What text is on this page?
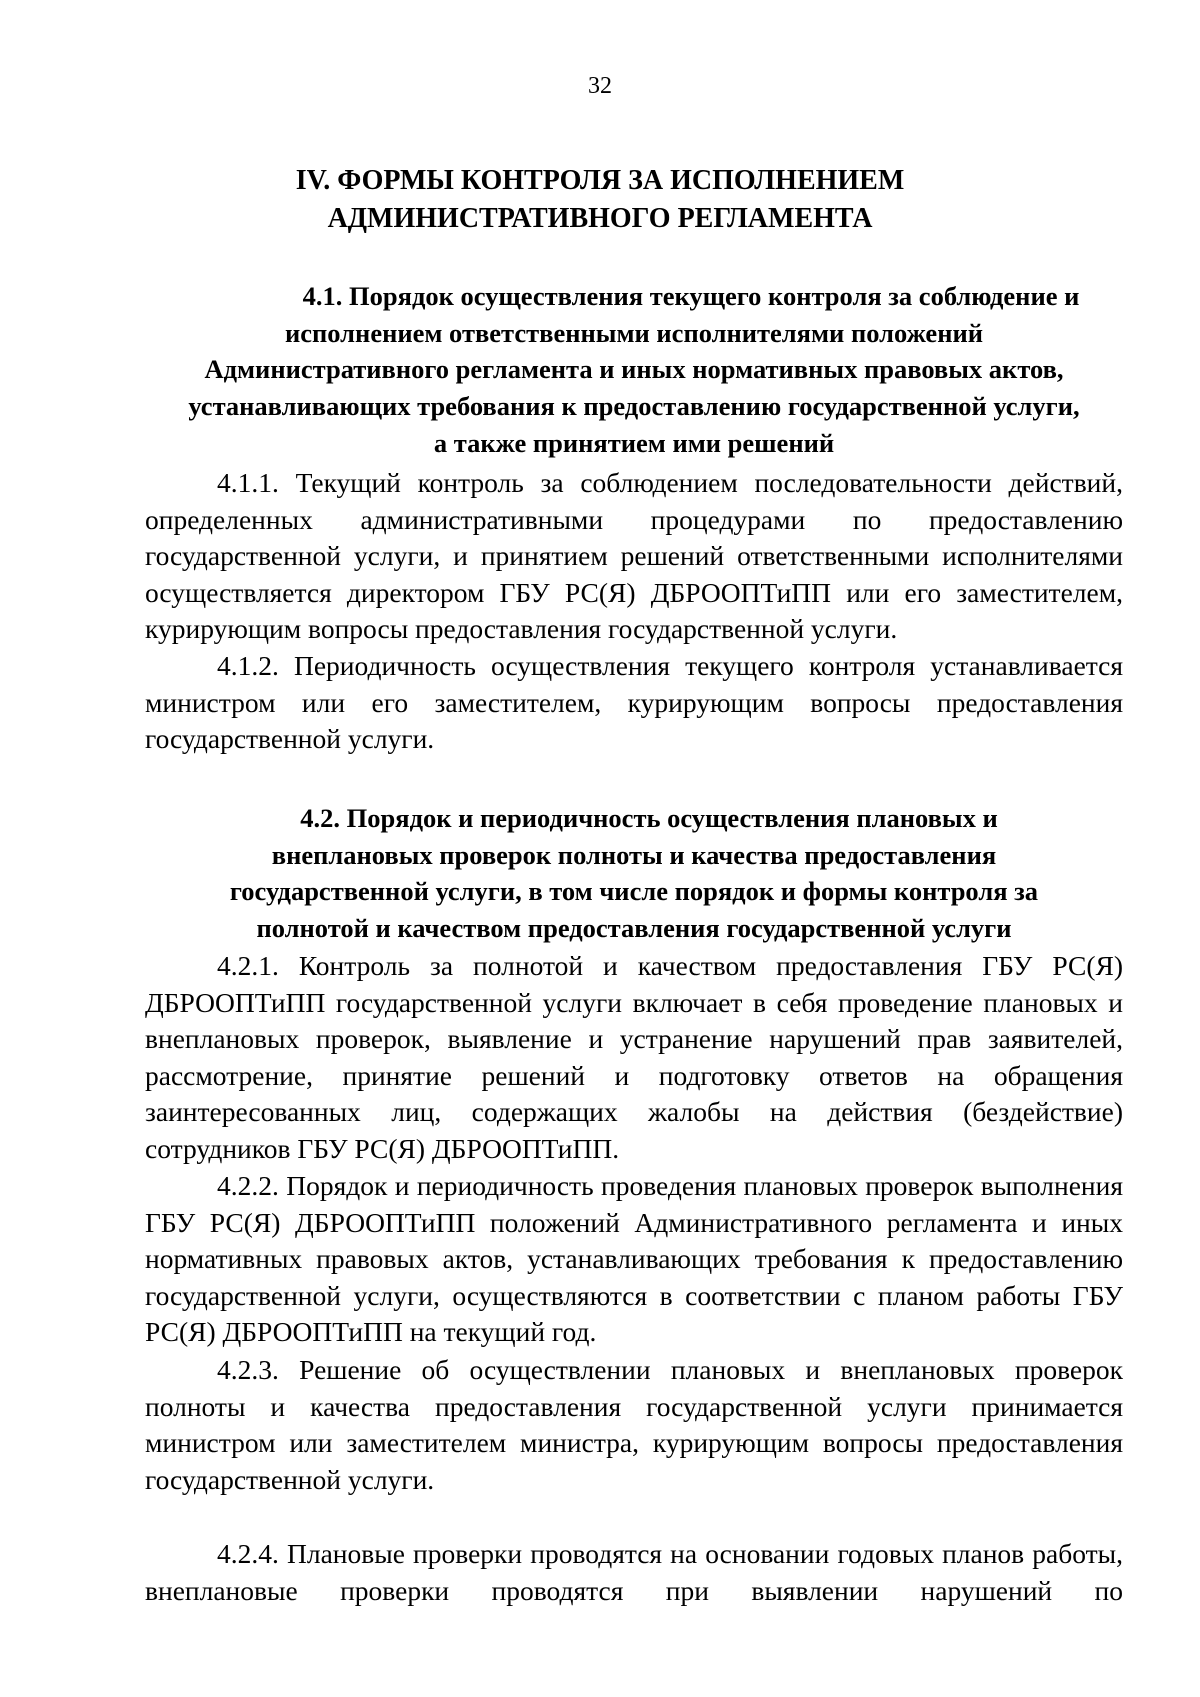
32
IV. ФОРМЫ КОНТРОЛЯ ЗА ИСПОЛНЕНИЕМ
АДМИНИСТРАТИВНОГО РЕГЛАМЕНТА
4.1. Порядок осуществления текущего контроля за соблюдение и
исполнением ответственными исполнителями положений
Административного регламента и иных нормативных правовых актов,
устанавливающих требования к предоставлению государственной услуги,
а также принятием ими решений

4.1.1. Текущий контроль за соблюдением последовательности действий, определенных административными процедурами по предоставлению государственной услуги, и принятием решений ответственными исполнителями осуществляется директором ГБУ РС(Я) ДБРООПТиПП или его заместителем, курирующим вопросы предоставления государственной услуги.

4.1.2. Периодичность осуществления текущего контроля устанавливается министром или его заместителем, курирующим вопросы предоставления государственной услуги.

4.2. Порядок и периодичность осуществления плановых и
внеплановых проверок полноты и качества предоставления
государственной услуги, в том числе порядок и формы контроля за
полнотой и качеством предоставления государственной услуги

4.2.1. Контроль за полнотой и качеством предоставления ГБУ РС(Я) ДБРООПТиПП государственной услуги включает в себя проведение плановых и внеплановых проверок, выявление и устранение нарушений прав заявителей, рассмотрение, принятие решений и подготовку ответов на обращения заинтересованных лиц, содержащих жалобы на действия (бездействие) сотрудников ГБУ РС(Я) ДБРООПТиПП.

4.2.2. Порядок и периодичность проведения плановых проверок выполнения ГБУ РС(Я) ДБРООПТиПП положений Административного регламента и иных нормативных правовых актов, устанавливающих требования к предоставлению государственной услуги, осуществляются в соответствии с планом работы ГБУ РС(Я) ДБРООПТиПП на текущий год.

4.2.3. Решение об осуществлении плановых и внеплановых проверок полноты и качества предоставления государственной услуги принимается министром или заместителем министра, курирующим вопросы предоставления государственной услуги.

4.2.4. Плановые проверки проводятся на основании годовых планов работы, внеплановые проверки проводятся при выявлении нарушений по
